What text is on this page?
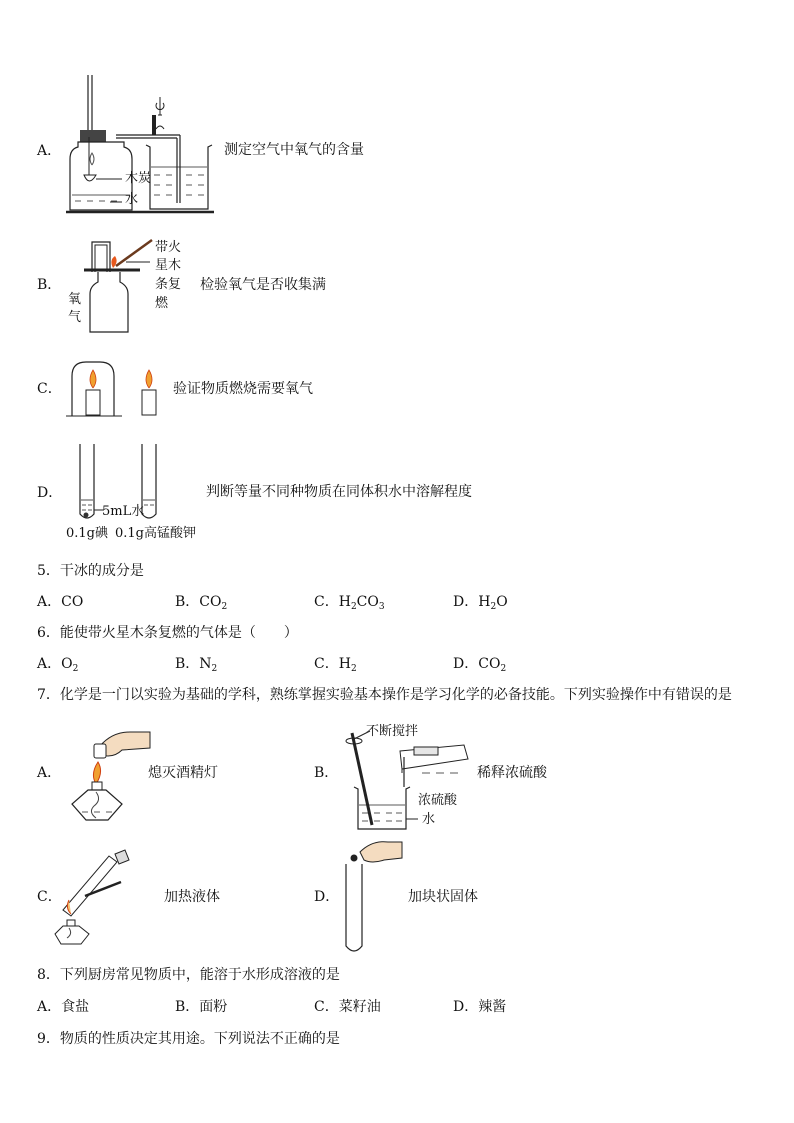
A．
木炭
水
测定空气中氧气的含量
B．
带火
星木
条复
燃
氧
气
检验氧气是否收集满
C．	验证物质燃烧需要氧气
D．
5mL水
0.1g碘 0.1g高锰酸钾
判断等量不同种物质在同体积水中溶解程度
5．干冰的成分是
A．CO	B．$CO_2$	C．$H_2CO_3$	D．$H_2O$
6．能使带火星木条复燃的气体是（　　）
A．$O_2$	B．$N_2$	C．$H_2$	D．$CO_2$
7．化学是一门以实验为基础的学科，熟练掌握实验基本操作是学习化学的必备技能。下列实验操作中有错误的是
A．	熄灭酒精灯	B．
不断搅拌
浓硫酸
水
稀释浓硫酸
C．	加热液体	D．	加块状固体
8．下列厨房常见物质中，能溶于水形成溶液的是
A．食盐	B．面粉	C．菜籽油	D．辣酱
9．物质的性质决定其用途。下列说法不正确的是
